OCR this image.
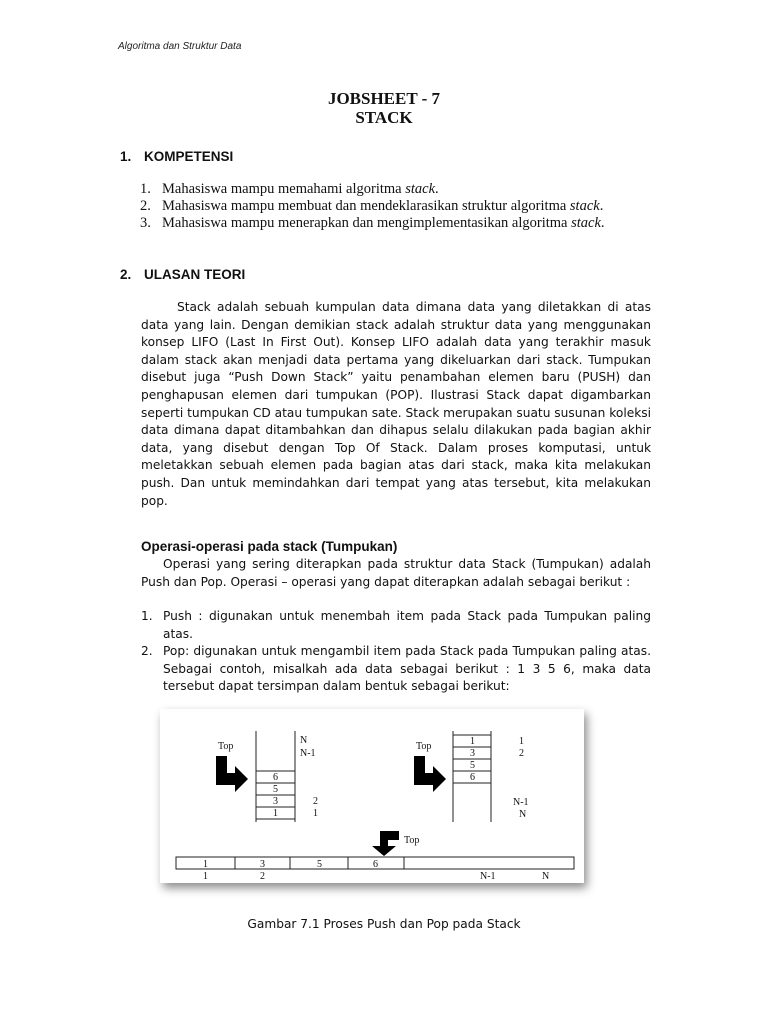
Algoritma dan Struktur Data
JOBSHEET - 7
STACK
1. KOMPETENSI
1. Mahasiswa mampu memahami algoritma stack.
2. Mahasiswa mampu membuat dan mendeklarasikan struktur algoritma stack.
3. Mahasiswa mampu menerapkan dan mengimplementasikan algoritma stack.
2. ULASAN TEORI

Stack adalah sebuah kumpulan data dimana data yang diletakkan di atas data yang lain. Dengan demikian stack adalah struktur data yang menggunakan konsep LIFO (Last In First Out). Konsep LIFO adalah data yang terakhir masuk dalam stack akan menjadi data pertama yang dikeluarkan dari stack. Tumpukan disebut juga “Push Down Stack” yaitu penambahan elemen baru (PUSH) dan penghapusan elemen dari tumpukan (POP). Ilustrasi Stack dapat digambarkan seperti tumpukan CD atau tumpukan sate. Stack merupakan suatu susunan koleksi data dimana dapat ditambahkan dan dihapus selalu dilakukan pada bagian akhir data, yang disebut dengan Top Of Stack. Dalam proses komputasi, untuk meletakkan sebuah elemen pada bagian atas dari stack, maka kita melakukan push. Dan untuk memindahkan dari tempat yang atas tersebut, kita melakukan pop.

Operasi-operasi pada stack (Tumpukan)

Operasi yang sering diterapkan pada struktur data Stack (Tumpukan) adalah Push dan Pop. Operasi – operasi yang dapat diterapkan adalah sebagai berikut :

1. Push : digunakan untuk menembah item pada Stack pada Tumpukan paling atas.
2. Pop: digunakan untuk mengambil item pada Stack pada Tumpukan paling atas. Sebagai contoh, misalkah ada data sebagai berikut : 1 3 5 6, maka data tersebut dapat tersimpan dalam bentuk sebagai berikut:
6
5
3
1
N
N-1
2
1
Top	1
3
5
6
1
2
N-1
N
Top
1	3	5	6
1	2	N-1	N
Top
Gambar 7.1 Proses Push dan Pop pada Stack
